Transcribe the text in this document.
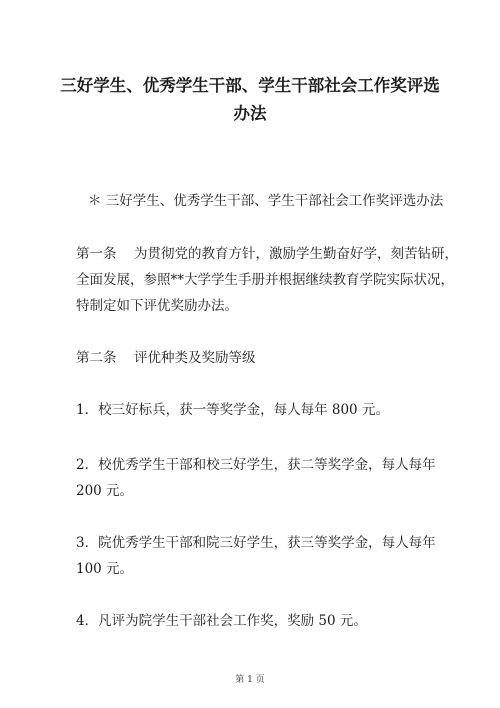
三好学生、优秀学生干部、学生干部社会工作奖评选
办法

＊ 三好学生、优秀学生干部、学生干部社会工作奖评选办法

第一条 为贯彻党的教育方针，激励学生勤奋好学，刻苦钻研，
全面发展，参照**大学学生手册并根据继续教育学院实际状况，
特制定如下评优奖励办法。
第二条 评优种类及奖励等级
1．校三好标兵，获一等奖学金，每人每年 800 元。
2．校优秀学生干部和校三好学生，获二等奖学金，每人每年
200 元。
3．院优秀学生干部和院三好学生，获三等奖学金，每人每年
100 元。
4．凡评为院学生干部社会工作奖，奖励 50 元。
第 1 页
